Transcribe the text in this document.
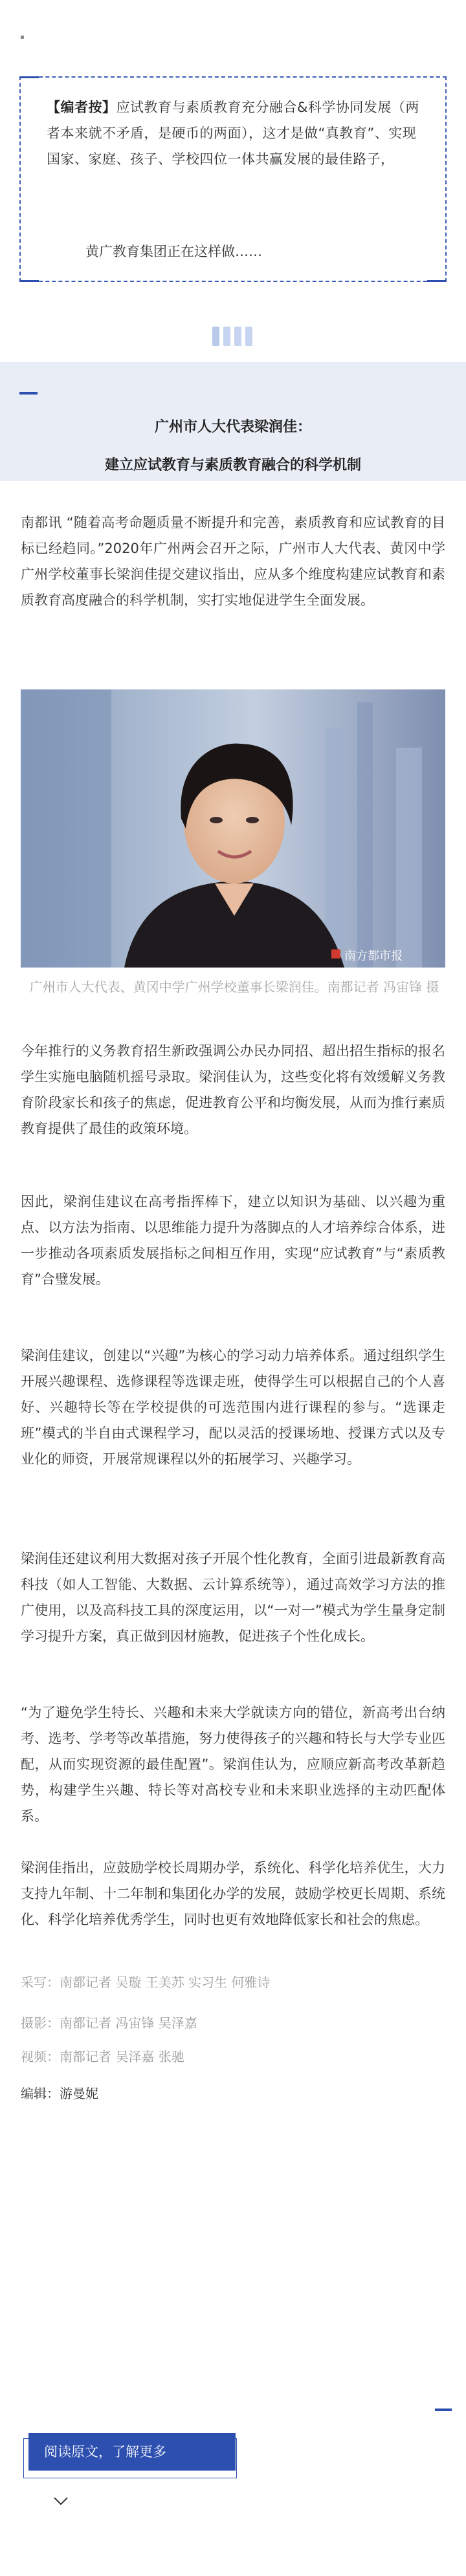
【编者按】应试教育与素质教育充分融合&科学协同发展（两者本来就不矛盾，是硬币的两面），这才是做“真教育”、实现国家、家庭、孩子、学校四位一体共赢发展的最佳路子，
黄广教育集团正在这样做……
广州市人大代表梁润佳：
建立应试教育与素质教育融合的科学机制
南都讯 “随着高考命题质量不断提升和完善，素质教育和应试教育的目标已经趋同。”2020年广州两会召开之际，广州市人大代表、黄冈中学广州学校董事长梁润佳提交建议指出，应从多个维度构建应试教育和素质教育高度融合的科学机制，实打实地促进学生全面发展。
南方都市报
广州市人大代表、黄冈中学广州学校董事长梁润佳。南都记者 冯宙锋 摄
今年推行的义务教育招生新政强调公办民办同招、超出招生指标的报名学生实施电脑随机摇号录取。梁润佳认为，这些变化将有效缓解义务教育阶段家长和孩子的焦虑，促进教育公平和均衡发展，从而为推行素质教育提供了最佳的政策环境。
因此，梁润佳建议在高考指挥棒下，建立以知识为基础、以兴趣为重点、以方法为指南、以思维能力提升为落脚点的人才培养综合体系，进一步推动各项素质发展指标之间相互作用，实现“应试教育”与“素质教育”合璧发展。
梁润佳建议，创建以“兴趣”为核心的学习动力培养体系。通过组织学生开展兴趣课程、选修课程等选课走班，使得学生可以根据自己的个人喜好、兴趣特长等在学校提供的可选范围内进行课程的参与。“选课走班”模式的半自由式课程学习，配以灵活的授课场地、授课方式以及专业化的师资，开展常规课程以外的拓展学习、兴趣学习。
梁润佳还建议利用大数据对孩子开展个性化教育，全面引进最新教育高科技（如人工智能、大数据、云计算系统等），通过高效学习方法的推广使用，以及高科技工具的深度运用，以“一对一”模式为学生量身定制学习提升方案，真正做到因材施教，促进孩子个性化成长。
“为了避免学生特长、兴趣和未来大学就读方向的错位，新高考出台纳考、选考、学考等改革措施，努力使得孩子的兴趣和特长与大学专业匹配，从而实现资源的最佳配置”。梁润佳认为，应顺应新高考改革新趋势，构建学生兴趣、特长等对高校专业和未来职业选择的主动匹配体系。
梁润佳指出，应鼓励学校长周期办学，系统化、科学化培养优生，大力支持九年制、十二年制和集团化办学的发展，鼓励学校更长周期、系统化、科学化培养优秀学生，同时也更有效地降低家长和社会的焦虑。
采写：南都记者 吴璇 王美苏 实习生 何雅诗
摄影：南都记者 冯宙锋 吴泽嘉
视频：南都记者 吴泽嘉 张驰
编辑：游曼妮
阅读原文，了解更多
